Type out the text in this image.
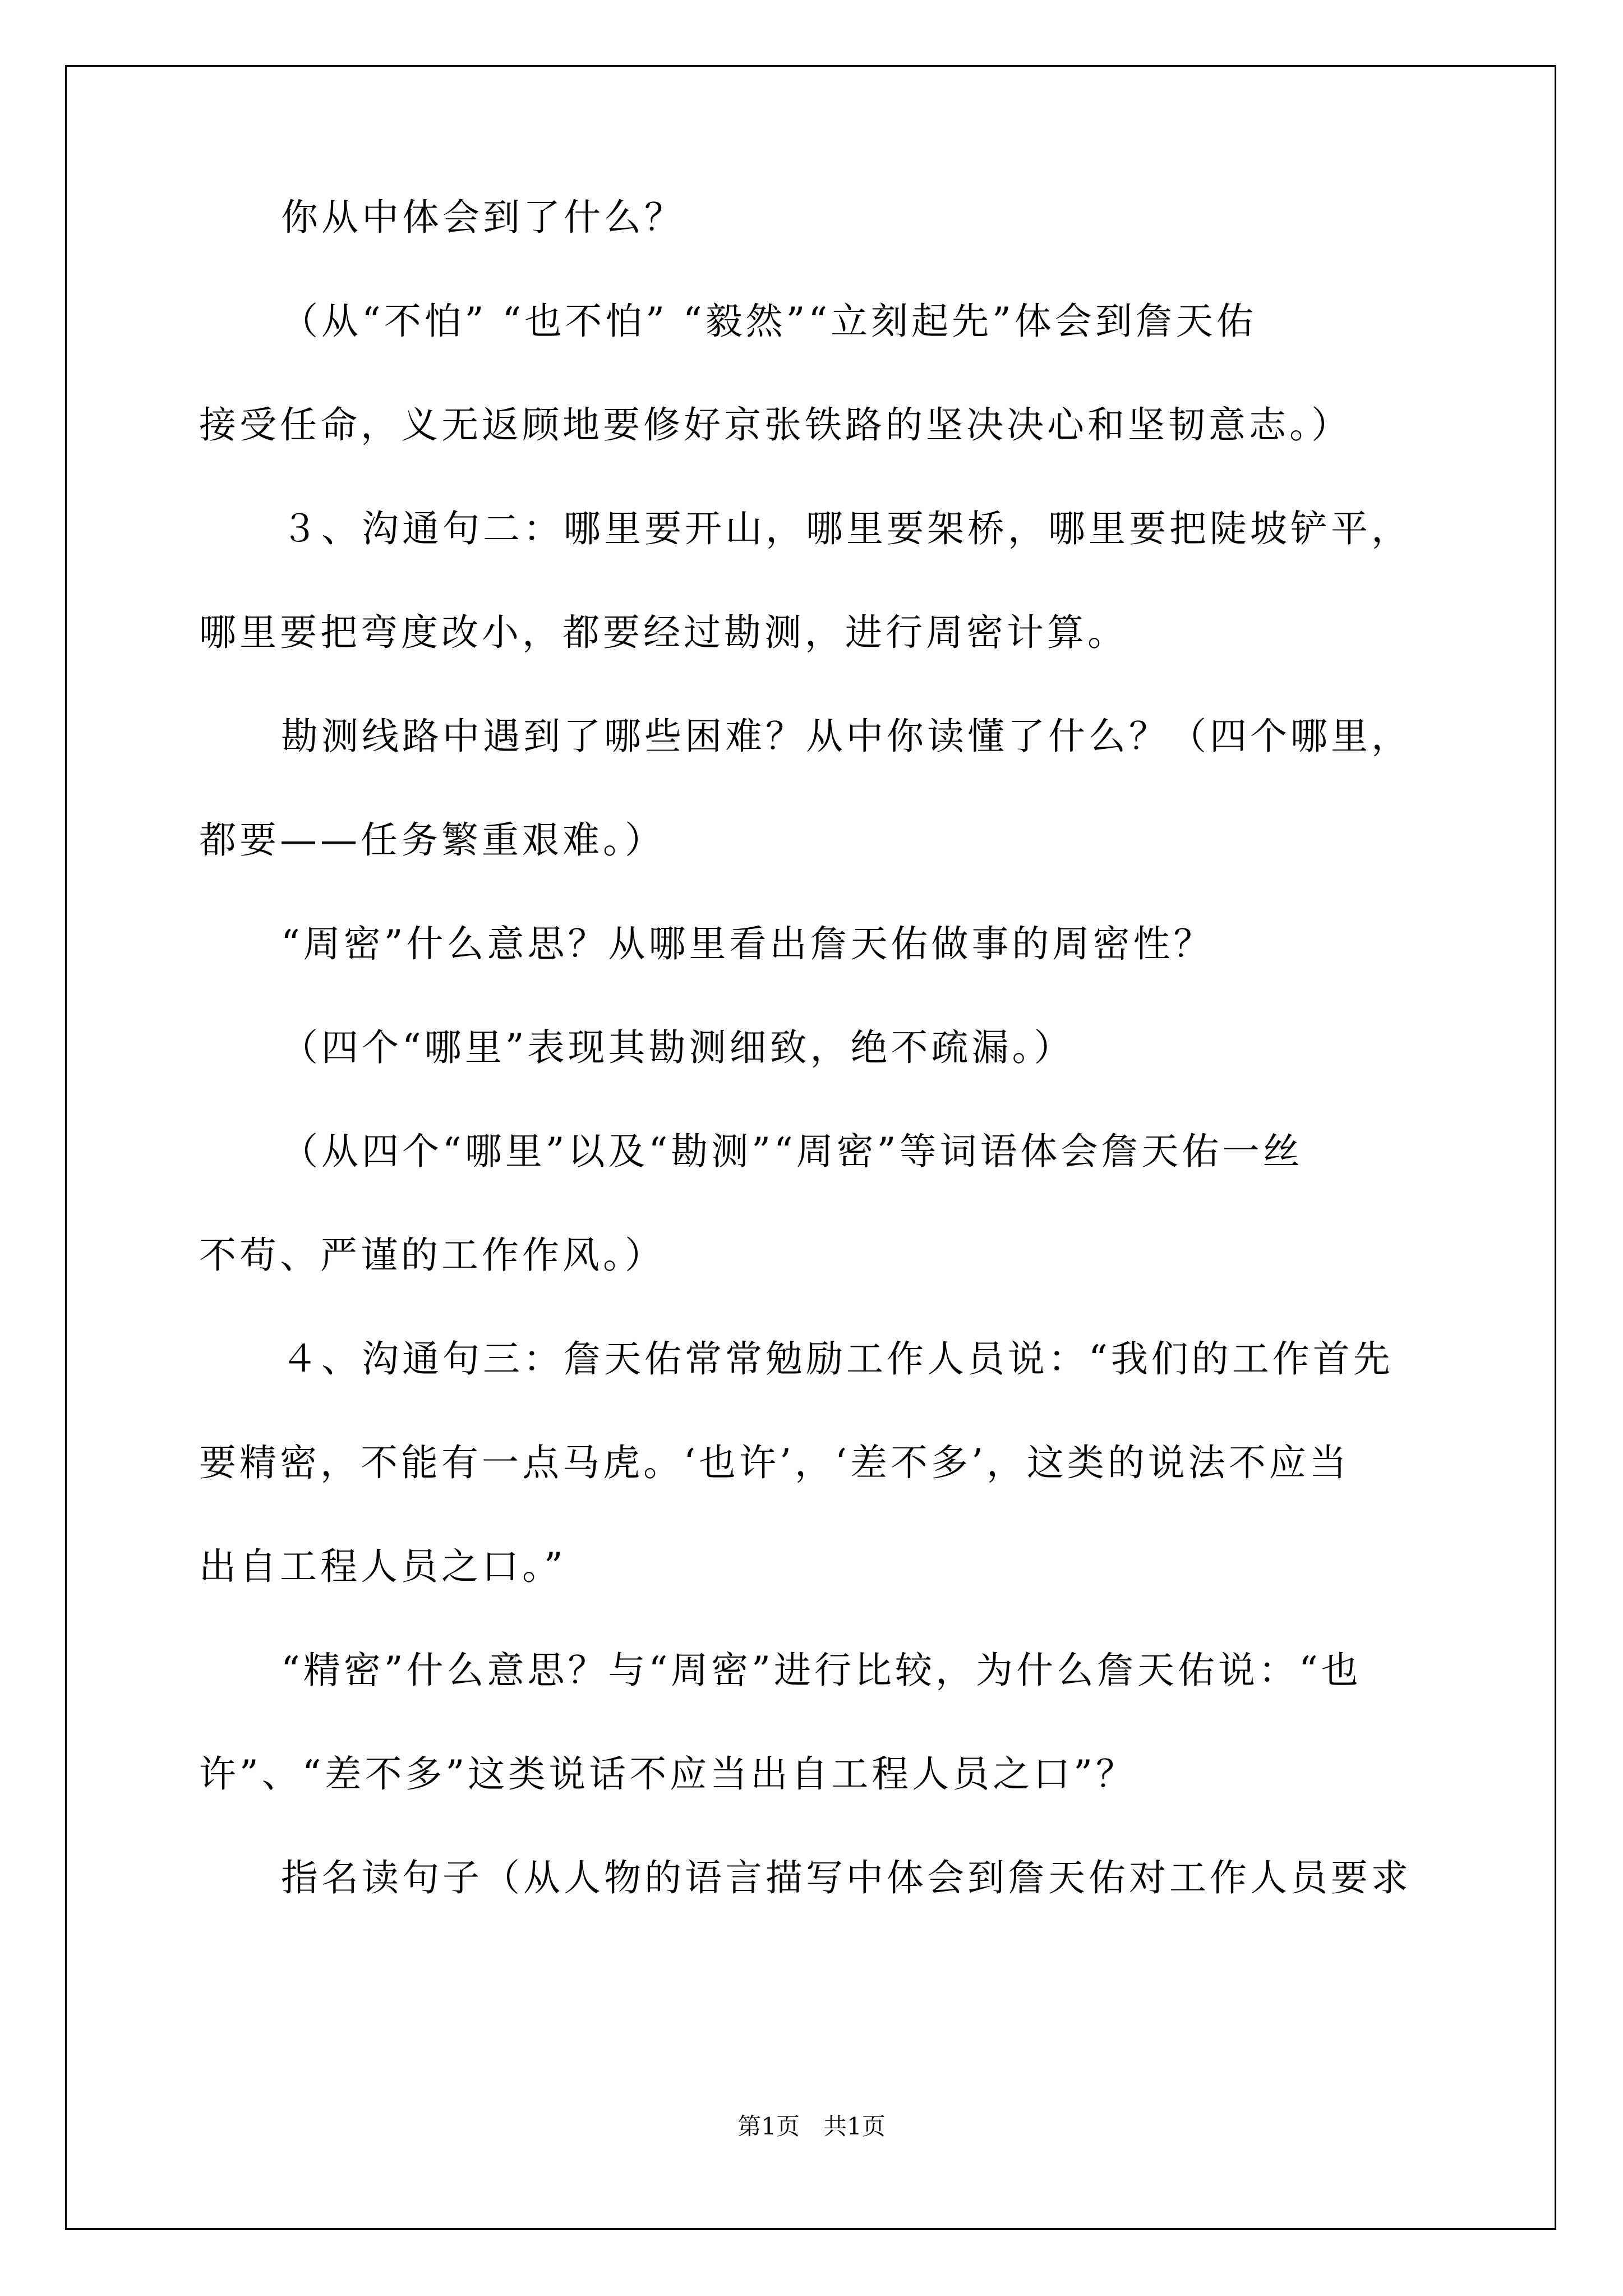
你从中体会到了什么？
（从“不怕” “也不怕” “毅然”“立刻起先”体会到詹天佑
接受任命，义无返顾地要修好京张铁路的坚决决心和坚韧意志。）
３、沟通句二：哪里要开山，哪里要架桥，哪里要把陡坡铲平，
哪里要把弯度改小，都要经过勘测，进行周密计算。
勘测线路中遇到了哪些困难？从中你读懂了什么？（四个哪里，
都要——任务繁重艰难。）
“周密”什么意思？从哪里看出詹天佑做事的周密性？
（四个“哪里”表现其勘测细致，绝不疏漏。）
（从四个“哪里”以及“勘测”“周密”等词语体会詹天佑一丝
不苟、严谨的工作作风。）
４、沟通句三：詹天佑常常勉励工作人员说：“我们的工作首先
要精密，不能有一点马虎。‘也许’，‘差不多’，这类的说法不应当
出自工程人员之口。”
“精密”什么意思？与“周密”进行比较，为什么詹天佑说：“也
许”、“差不多”这类说话不应当出自工程人员之口”？
指名读句子（从人物的语言描写中体会到詹天佑对工作人员要求
第1页　共1页
